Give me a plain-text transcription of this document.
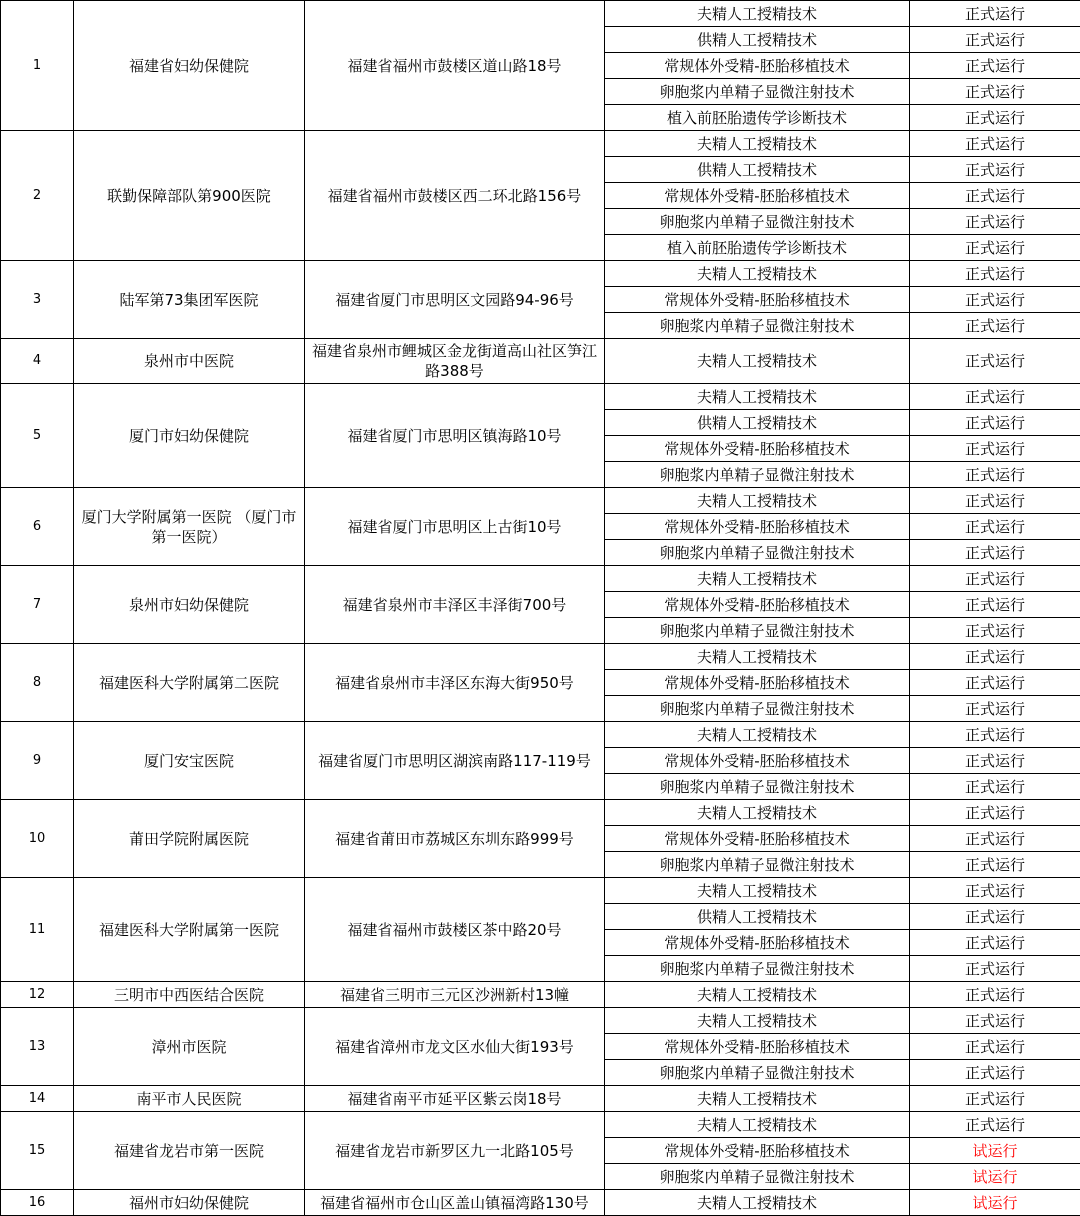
1	福建省妇幼保健院	福建省福州市鼓楼区道山路18号	夫精人工授精技术	正式运行
			供精人工授精技术	正式运行
			常规体外受精-胚胎移植技术	正式运行
			卵胞浆内单精子显微注射技术	正式运行
			植入前胚胎遗传学诊断技术	正式运行
2	联勤保障部队第900医院	福建省福州市鼓楼区西二环北路156号	夫精人工授精技术	正式运行
			供精人工授精技术	正式运行
			常规体外受精-胚胎移植技术	正式运行
			卵胞浆内单精子显微注射技术	正式运行
			植入前胚胎遗传学诊断技术	正式运行
3	陆军第73集团军医院	福建省厦门市思明区文园路94-96号	夫精人工授精技术	正式运行
			常规体外受精-胚胎移植技术	正式运行
			卵胞浆内单精子显微注射技术	正式运行
4	泉州市中医院	福建省泉州市鲤城区金龙街道高山社区笋江路388号	夫精人工授精技术	正式运行
5	厦门市妇幼保健院	福建省厦门市思明区镇海路10号	夫精人工授精技术	正式运行
			供精人工授精技术	正式运行
			常规体外受精-胚胎移植技术	正式运行
			卵胞浆内单精子显微注射技术	正式运行
6	厦门大学附属第一医院 （厦门市第一医院）	福建省厦门市思明区上古街10号	夫精人工授精技术	正式运行
			常规体外受精-胚胎移植技术	正式运行
			卵胞浆内单精子显微注射技术	正式运行
7	泉州市妇幼保健院	福建省泉州市丰泽区丰泽街700号	夫精人工授精技术	正式运行
			常规体外受精-胚胎移植技术	正式运行
			卵胞浆内单精子显微注射技术	正式运行
8	福建医科大学附属第二医院	福建省泉州市丰泽区东海大街950号	夫精人工授精技术	正式运行
			常规体外受精-胚胎移植技术	正式运行
			卵胞浆内单精子显微注射技术	正式运行
9	厦门安宝医院	福建省厦门市思明区湖滨南路117-119号	夫精人工授精技术	正式运行
			常规体外受精-胚胎移植技术	正式运行
			卵胞浆内单精子显微注射技术	正式运行
10	莆田学院附属医院	福建省莆田市荔城区东圳东路999号	夫精人工授精技术	正式运行
			常规体外受精-胚胎移植技术	正式运行
			卵胞浆内单精子显微注射技术	正式运行
11	福建医科大学附属第一医院	福建省福州市鼓楼区茶中路20号	夫精人工授精技术	正式运行
			供精人工授精技术	正式运行
			常规体外受精-胚胎移植技术	正式运行
			卵胞浆内单精子显微注射技术	正式运行
12	三明市中西医结合医院	福建省三明市三元区沙洲新村13幢	夫精人工授精技术	正式运行
13	漳州市医院	福建省漳州市龙文区水仙大街193号	夫精人工授精技术	正式运行
			常规体外受精-胚胎移植技术	正式运行
			卵胞浆内单精子显微注射技术	正式运行
14	南平市人民医院	福建省南平市延平区紫云岗18号	夫精人工授精技术	正式运行
15	福建省龙岩市第一医院	福建省龙岩市新罗区九一北路105号	夫精人工授精技术	正式运行
			常规体外受精-胚胎移植技术	试运行
			卵胞浆内单精子显微注射技术	试运行
16	福州市妇幼保健院	福建省福州市仓山区盖山镇福湾路130号	夫精人工授精技术	试运行
